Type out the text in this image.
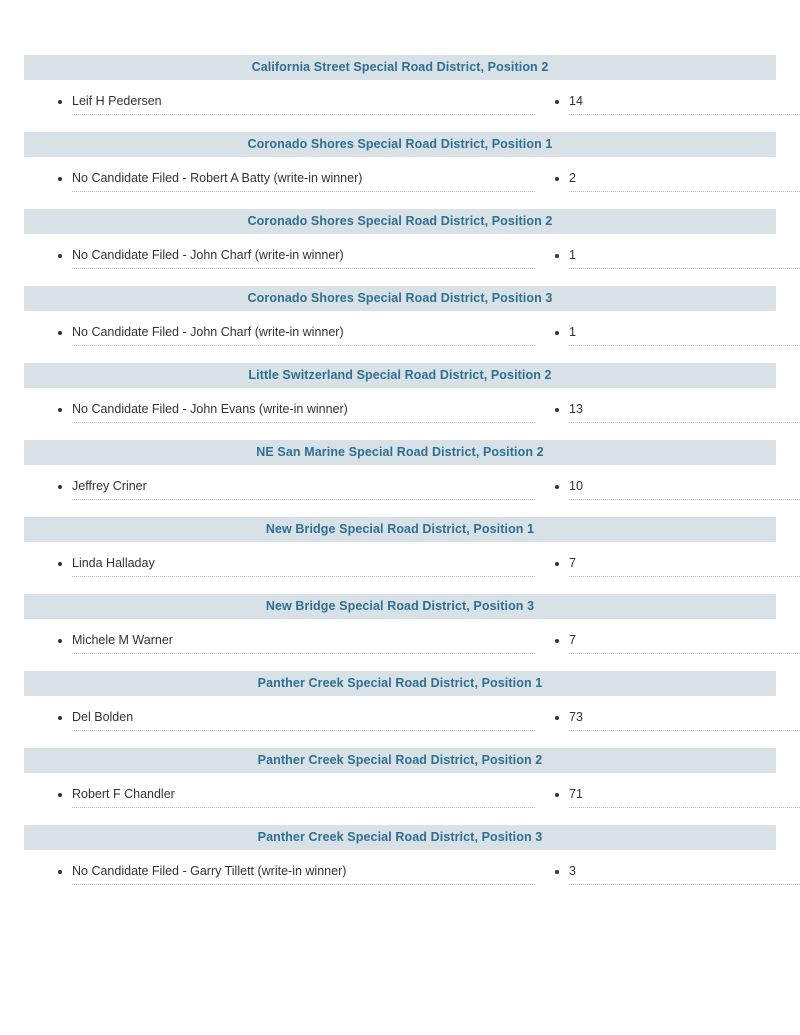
California Street Special Road District, Position 2
• Leif H Pedersen	• 14
Coronado Shores Special Road District, Position 1
• No Candidate Filed - Robert A Batty (write-in winner)	• 2
Coronado Shores Special Road District, Position 2
• No Candidate Filed - John Charf (write-in winner)	• 1
Coronado Shores Special Road District, Position 3
• No Candidate Filed - John Charf (write-in winner)	• 1
Little Switzerland Special Road District, Position 2
• No Candidate Filed - John Evans (write-in winner)	• 13
NE San Marine Special Road District, Position 2
• Jeffrey Criner	• 10
New Bridge Special Road District, Position 1
• Linda Halladay	• 7
New Bridge Special Road District, Position 3
• Michele M Warner	• 7
Panther Creek Special Road District, Position 1
• Del Bolden	• 73
Panther Creek Special Road District, Position 2
• Robert F Chandler	• 71
Panther Creek Special Road District, Position 3
• No Candidate Filed - Garry Tillett (write-in winner)	• 3
